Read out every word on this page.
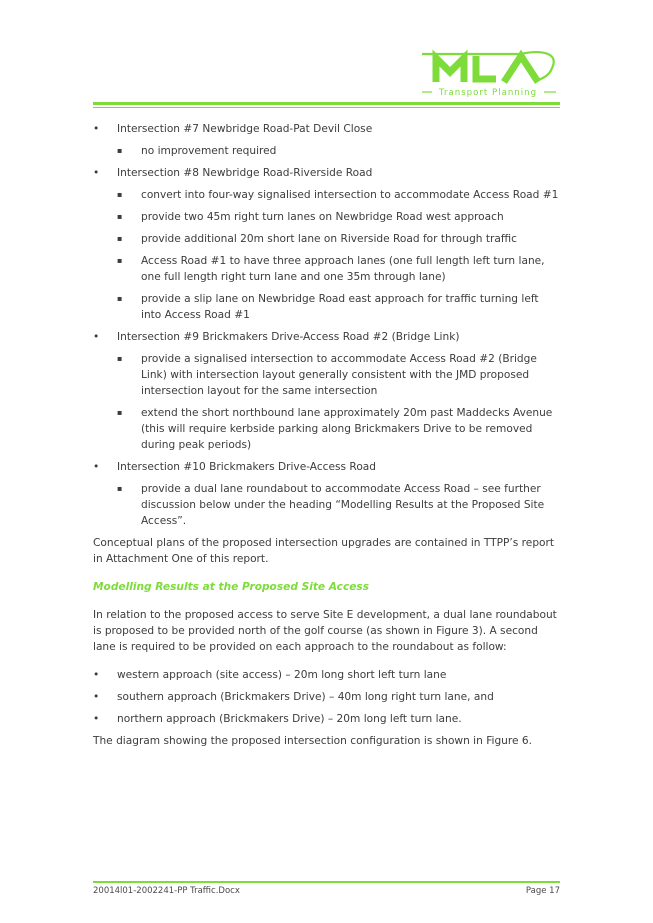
Transport Planning
• Intersection #7 Newbridge Road-Pat Devil Close
▪ no improvement required
• Intersection #8 Newbridge Road-Riverside Road
▪ convert into four-way signalised intersection to accommodate Access Road #1
▪ provide two 45m right turn lanes on Newbridge Road west approach
▪ provide additional 20m short lane on Riverside Road for through traffic
▪ Access Road #1 to have three approach lanes (one full length left turn lane, one full length right turn lane and one 35m through lane)
▪ provide a slip lane on Newbridge Road east approach for traffic turning left into Access Road #1
• Intersection #9 Brickmakers Drive-Access Road #2 (Bridge Link)
▪ provide a signalised intersection to accommodate Access Road #2 (Bridge Link) with intersection layout generally consistent with the JMD proposed intersection layout for the same intersection
▪ extend the short northbound lane approximately 20m past Maddecks Avenue (this will require kerbside parking along Brickmakers Drive to be removed during peak periods)
• Intersection #10 Brickmakers Drive-Access Road
▪ provide a dual lane roundabout to accommodate Access Road – see further discussion below under the heading “Modelling Results at the Proposed Site Access”.
Conceptual plans of the proposed intersection upgrades are contained in TTPP’s report in Attachment One of this report.
Modelling Results at the Proposed Site Access
In relation to the proposed access to serve Site E development, a dual lane roundabout is proposed to be provided north of the golf course (as shown in Figure 3). A second lane is required to be provided on each approach to the roundabout as follow:
• western approach (site access) – 20m long short left turn lane
• southern approach (Brickmakers Drive) – 40m long right turn lane, and
• northern approach (Brickmakers Drive) – 20m long left turn lane.
The diagram showing the proposed intersection configuration is shown in Figure 6.
20014l01-2002241-PP Traffic.Docx	Page 17
